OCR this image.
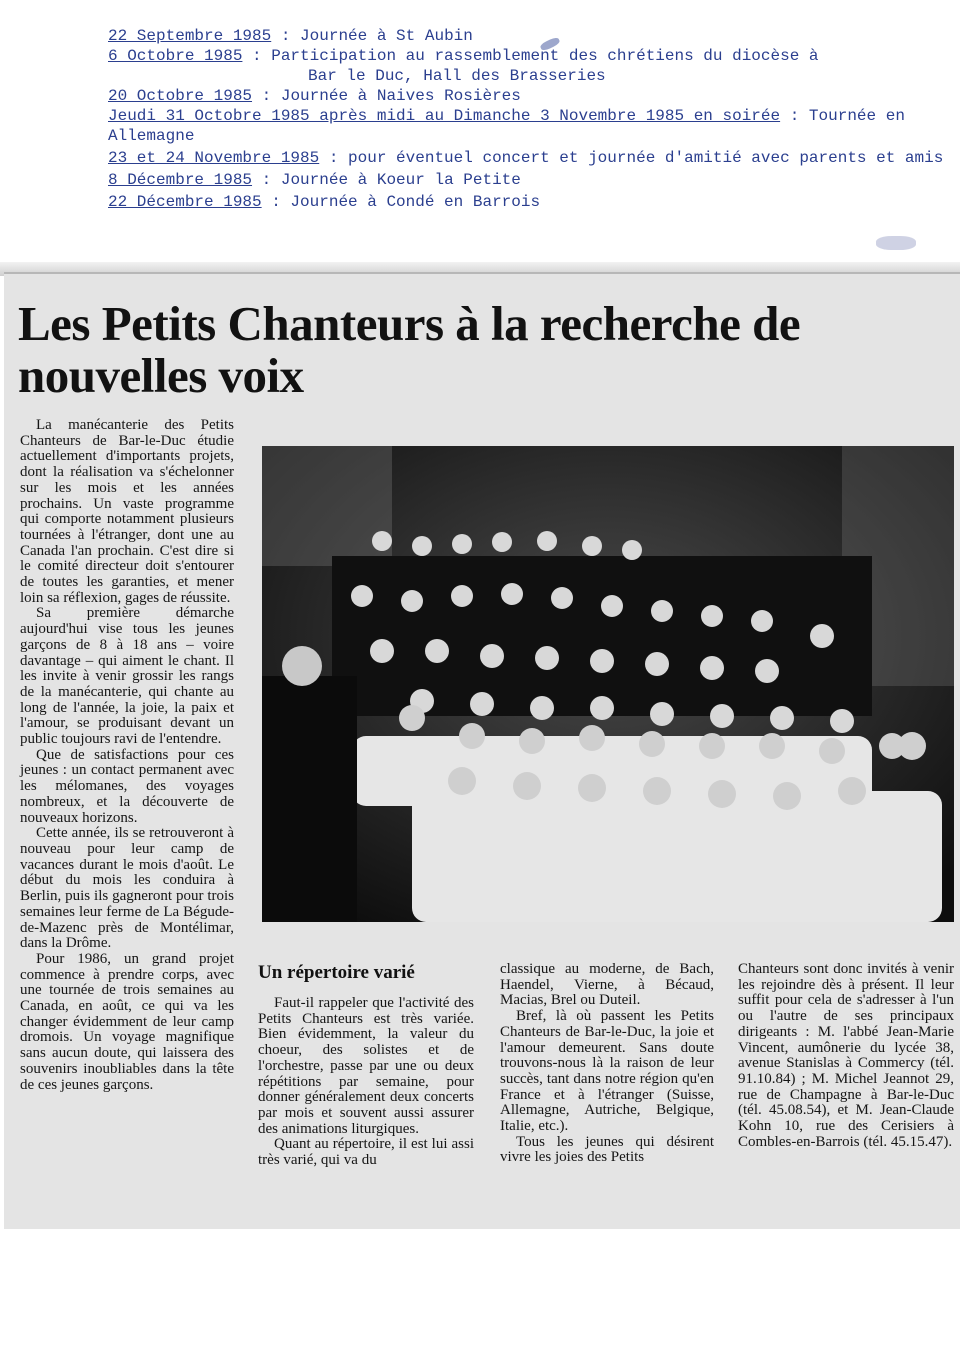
22 Septembre 1985 : Journée à St Aubin
6 Octobre 1985 : Participation au rassemblement des chrétiens du diocèse à
Bar le Duc, Hall des Brasseries
20 Octobre 1985 : Journée à Naives Rosières
Jeudi 31 Octobre 1985 après midi au Dimanche 3 Novembre 1985 en soirée : Tournée en Allemagne
23 et 24 Novembre 1985 : pour éventuel concert et journée d'amitié avec parents et amis
8 Décembre 1985 : Journée à Koeur la Petite
22 Décembre 1985 : Journée à Condé en Barrois
Les Petits Chanteurs à la recherche de nouvelles voix

La manécanterie des Petits Chanteurs de Bar-le-Duc étudie actuellement d'importants projets, dont la réalisation va s'échelonner sur les mois et les années prochains. Un vaste programme qui comporte notamment plusieurs tournées à l'étranger, dont une au Canada l'an prochain. C'est dire si le comité directeur doit s'entourer de toutes les garanties, et mener loin sa réflexion, gages de réussite.

Sa première démarche aujourd'hui vise tous les jeunes garçons de 8 à 18 ans – voire davantage – qui aiment le chant. Il les invite à venir grossir les rangs de la manécanterie, qui chante au long de l'année, la joie, la paix et l'amour, se produisant devant un public toujours ravi de l'entendre.

Que de satisfactions pour ces jeunes : un contact permanent avec les mélomanes, des voyages nombreux, et la découverte de nouveaux horizons.

Cette année, ils se retrouveront à nouveau pour leur camp de vacances durant le mois d'août. Le début du mois les conduira à Berlin, puis ils gagneront pour trois semaines leur ferme de La Bégude-de-Mazenc près de Montélimar, dans la Drôme.

Pour 1986, un grand projet commence à prendre corps, avec une tournée de trois semaines au Canada, en août, ce qui va les changer évidemment de leur camp dromois. Un voyage magnifique sans aucun doute, qui laissera des souvenirs inoubliables dans la tête de ces jeunes garçons.

Un répertoire varié

Faut-il rappeler que l'activité des Petits Chanteurs est très variée. Bien évidemment, la valeur du choeur, des solistes et de l'orchestre, passe par une ou deux répétitions par semaine, pour donner généralement deux concerts par mois et souvent aussi assurer des animations liturgiques.

Quant au répertoire, il est lui assi très varié, qui va du

classique au moderne, de Bach, Haendel, Vierne, à Bécaud, Macias, Brel ou Duteil.

Bref, là où passent les Petits Chanteurs de Bar-le-Duc, la joie et l'amour demeurent. Sans doute trouvons-nous là la raison de leur succès, tant dans notre région qu'en France et à l'étranger (Suisse, Allemagne, Autriche, Belgique, Italie, etc.).

Tous les jeunes qui désirent vivre les joies des Petits

Chanteurs sont donc invités à venir les rejoindre dès à présent. Il leur suffit pour cela de s'adresser à l'un ou l'autre de ses principaux dirigeants : M. l'abbé Jean-Marie Vincent, aumônerie du lycée 38, avenue Stanislas à Commercy (tél. 91.10.84) ; M. Michel Jeannot 29, rue de Champagne à Bar-le-Duc (tél. 45.08.54), et M. Jean-Claude Kohn 10, rue des Cerisiers à Combles-en-Barrois (tél. 45.15.47).
